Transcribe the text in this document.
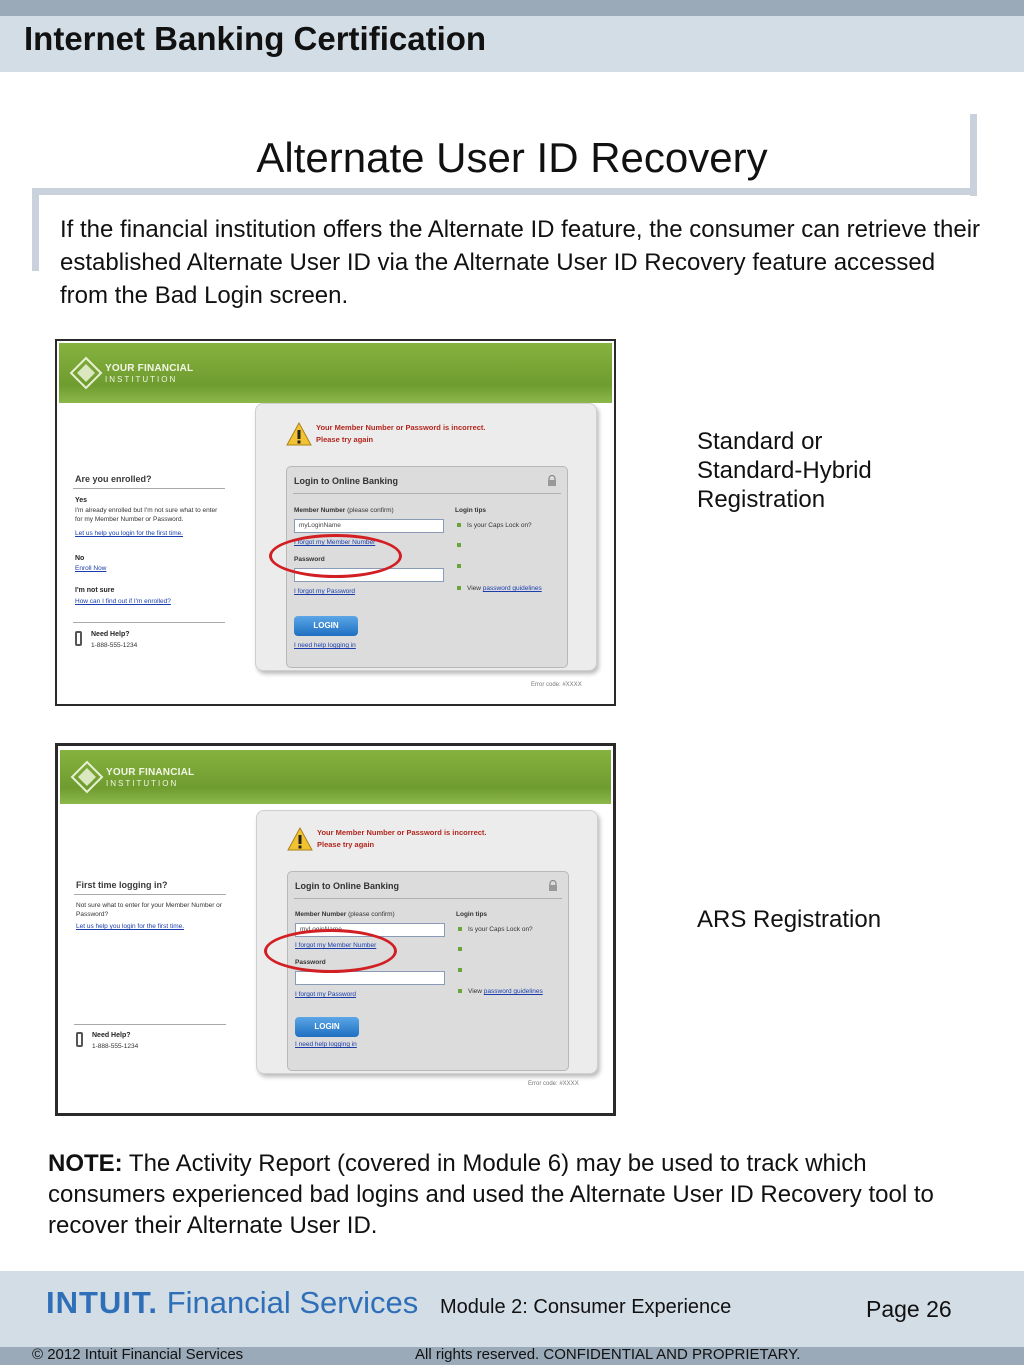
Internet Banking Certification
Alternate User ID Recovery
If the financial institution offers the Alternate ID feature, the consumer can retrieve their established Alternate User ID via the Alternate User ID Recovery feature accessed from the Bad Login screen.
YOUR FINANCIAL
INSTITUTION
Are you enrolled?
Yes
I'm already enrolled but I'm not sure what to enter for my Member Number or Password.
Let us help you login for the first time.
No
Enroll Now
I'm not sure
How can I find out if I'm enrolled?
Need Help?
1-888-555-1234
Your Member Number or Password is incorrect.
Please try again
Login to Online Banking
Member Number (please confirm)
myLoginName
I forgot my Member Number
Password
I forgot my Password
LOGIN
I need help logging in
Login tips
Is your Caps Lock on?
View password guidelines
Error code: #XXXX
YOUR FINANCIAL
INSTITUTION
First time logging in?
Not sure what to enter for your Member Number or Password?
Let us help you login for the first time.
Need Help?
1-888-555-1234
Your Member Number or Password is incorrect.
Please try again
Login to Online Banking
Member Number (please confirm)
myLoginName
I forgot my Member Number
Password
I forgot my Password
LOGIN
I need help logging in
Login tips
Is your Caps Lock on?
View password guidelines
Error code: #XXXX
Standard or
Standard-Hybrid
Registration
ARS Registration
NOTE: The Activity Report (covered in Module 6) may be used to track which consumers experienced bad logins and used the Alternate User ID Recovery tool to recover their Alternate User ID.
INTUIT. Financial Services Module 2: Consumer Experience	Page 26
© 2012 Intuit Financial Services	All rights reserved. CONFIDENTIAL AND PROPRIETARY.
